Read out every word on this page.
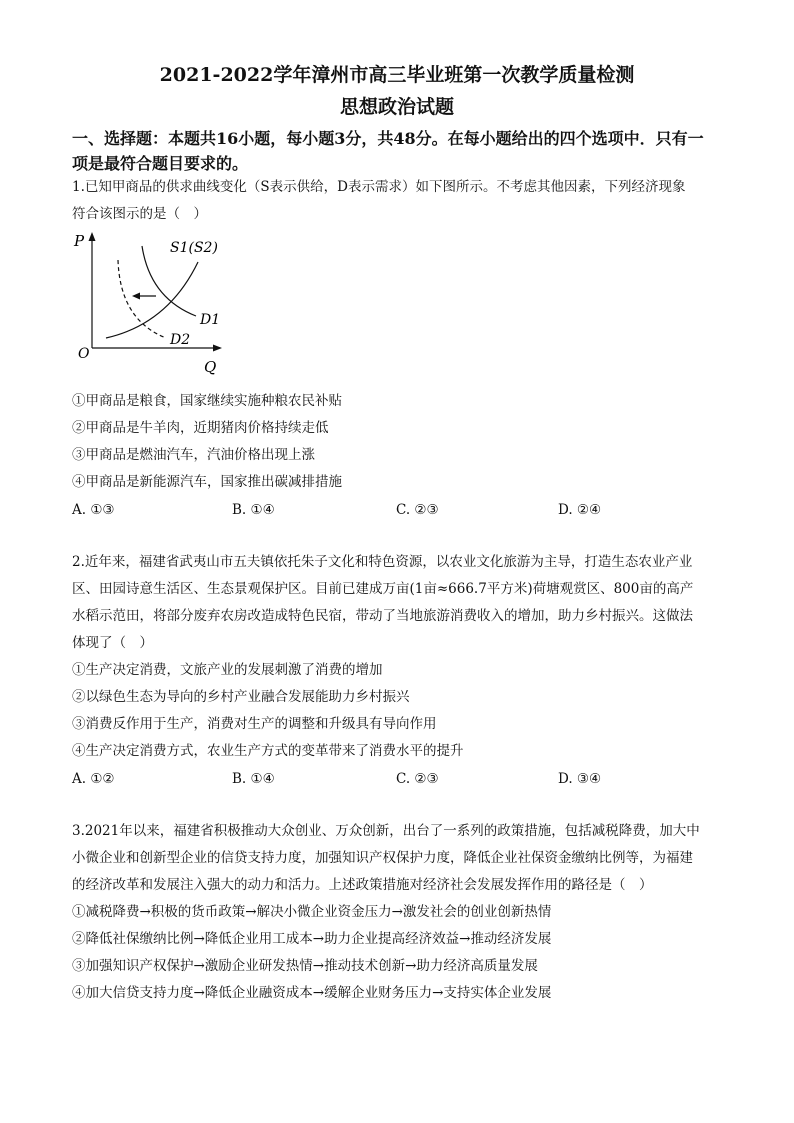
2021-2022学年漳州市高三毕业班第一次教学质量检测
思想政治试题
一、选择题：本题共16小题，每小题3分，共48分。在每小题给出的四个选项中．只有一
项是最符合题目要求的。
1.已知甲商品的供求曲线变化（S表示供给，D表示需求）如下图所示。不考虑其他因素，下列经济现象
符合该图示的是（　）
P
Q
O
S1(S2)
D1
D2
①甲商品是粮食，国家继续实施种粮农民补贴
②甲商品是牛羊肉，近期猪肉价格持续走低
③甲商品是燃油汽车，汽油价格出现上涨
④甲商品是新能源汽车，国家推出碳减排措施
A. ①③	B. ①④	C. ②③	D. ②④
2.近年来，福建省武夷山市五夫镇依托朱子文化和特色资源，以农业文化旅游为主导，打造生态农业产业
区、田园诗意生活区、生态景观保护区。目前已建成万亩(1亩≈666.7平方米)荷塘观赏区、800亩的高产
水稻示范田，将部分废弃农房改造成特色民宿，带动了当地旅游消费收入的增加，助力乡村振兴。这做法
体现了（　）
①生产决定消费，文旅产业的发展刺激了消费的增加
②以绿色生态为导向的乡村产业融合发展能助力乡村振兴
③消费反作用于生产，消费对生产的调整和升级具有导向作用
④生产决定消费方式，农业生产方式的变革带来了消费水平的提升
A. ①②	B. ①④	C. ②③	D. ③④
3.2021年以来，福建省积极推动大众创业、万众创新，出台了一系列的政策措施，包括减税降费，加大中
小微企业和创新型企业的信贷支持力度，加强知识产权保护力度，降低企业社保资金缴纳比例等，为福建
的经济改革和发展注入强大的动力和活力。上述政策措施对经济社会发展发挥作用的路径是（　）
①减税降费→积极的货币政策→解决小微企业资金压力→激发社会的创业创新热情
②降低社保缴纳比例→降低企业用工成本→助力企业提高经济效益→推动经济发展
③加强知识产权保护→激励企业研发热情→推动技术创新→助力经济高质量发展
④加大信贷支持力度→降低企业融资成本→缓解企业财务压力→支持实体企业发展
